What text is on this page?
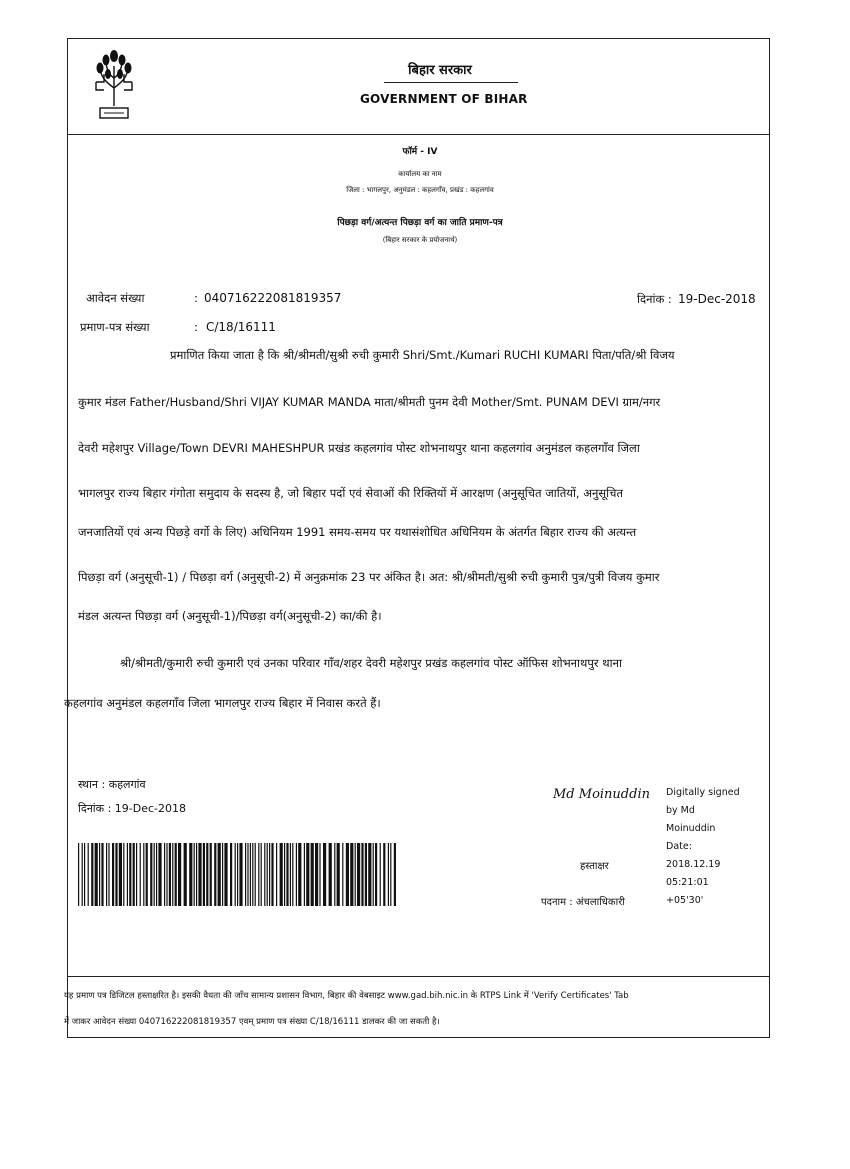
बिहार सरकार
GOVERNMENT OF BIHAR
फॉर्म - IV
कार्यालय का नाम
जिला : भागलपुर, अनुमंडल : कहलगाँव, प्रखंड : कहलगांव
पिछड़ा वर्ग/अत्यन्त पिछड़ा वर्ग का जाति प्रमाण-पत्र
(बिहार सरकार के प्रयोजनार्थ)
आवेदन संख्या	: 040716222081819357	दिनांक : 19-Dec-2018
प्रमाण-पत्र संख्या	: C/18/16111
प्रमाणित किया जाता है कि श्री/श्रीमती/सुश्री रुची कुमारी Shri/Smt./Kumari RUCHI KUMARI पिता/पति/श्री विजय
कुमार मंडल Father/Husband/Shri VIJAY KUMAR MANDA माता/श्रीमती पुनम देवी Mother/Smt. PUNAM DEVI ग्राम/नगर
देवरी महेशपुर Village/Town DEVRI MAHESHPUR प्रखंड कहलगांव पोस्ट शोभनाथपुर थाना कहलगांव अनुमंडल कहलगाँव जिला
भागलपुर राज्य बिहार गंगोता समुदाय के सदस्य है, जो बिहार पदों एवं सेवाओं की रिक्तियों में आरक्षण (अनुसूचित जातियों, अनुसूचित
जनजातियों एवं अन्य पिछड़े वर्गो के लिए) अधिनियम 1991 समय-समय पर यथासंशोधित अधिनियम के अंतर्गत बिहार राज्य की अत्यन्त
पिछड़ा वर्ग (अनुसूची-1) / पिछड़ा वर्ग (अनुसूची-2) में अनुक्रमांक 23 पर अंकित है। अत: श्री/श्रीमती/सुश्री रुची कुमारी पुत्र/पुत्री विजय कुमार
मंडल अत्यन्त पिछड़ा वर्ग (अनुसूची-1)/पिछड़ा वर्ग(अनुसूची-2) का/की है।
श्री/श्रीमती/कुमारी रुची कुमारी एवं उनका परिवार गाँव/शहर देवरी महेशपुर प्रखंड कहलगांव पोस्ट ऑफिस शोभनाथपुर थाना
कहलगांव अनुमंडल कहलगाँव जिला भागलपुर राज्य बिहार में निवास करते हैं।
स्थान : कहलगांव
दिनांक : 19-Dec-2018
Md Moinuddin Digitally signed
by Md
Moinuddin
Date:
2018.12.19
05:21:01
+05'30'
हस्ताक्षर
पदनाम : अंचलाधिकारी
यह प्रमाण पत्र डिजिटल हस्ताक्षरित है। इसकी वैधता की जाँच सामान्य प्रशासन विभाग, बिहार की वेबसाइट www.gad.bih.nic.in के RTPS Link में 'Verify Certificates' Tab
में जाकर आवेदन संख्या 040716222081819357 एवम् प्रमाण पत्र संख्या C/18/16111 डालकर की जा सकती है।
